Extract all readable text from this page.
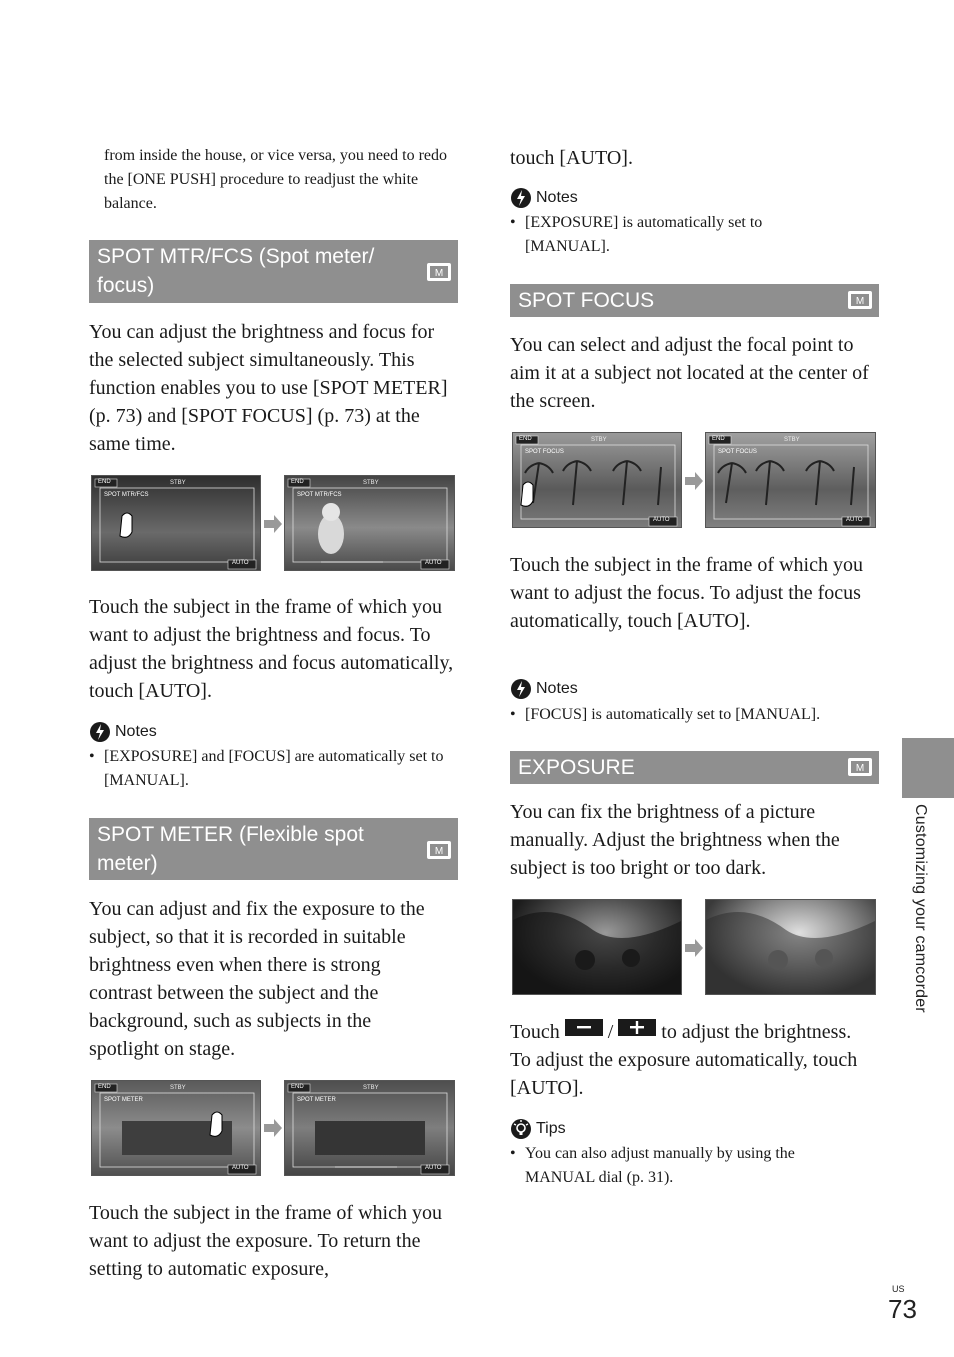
from inside the house, or vice versa, you need to redo the [ONE PUSH] procedure to readjust the white balance.

SPOT MTR/FCS (Spot meter/
focus)
M

You can adjust the brightness and focus for the selected subject simultaneously. This function enables you to use [SPOT METER] (p. 73) and [SPOT FOCUS] (p. 73) at the same time.

END	STBY
SPOT MTR/FCS
AUTO
END	STBY
SPOT MTR/FCS
AUTO

Touch the subject in the frame of which you want to adjust the brightness and focus. To adjust the brightness and focus automatically, touch [AUTO].

Notes
• [EXPOSURE] and [FOCUS] are automatically set to [MANUAL].
SPOT METER (Flexible spot
meter)
M

You can adjust and fix the exposure to the subject, so that it is recorded in suitable brightness even when there is strong contrast between the subject and the background, such as subjects in the spotlight on stage.

END	STBY
SPOT METER
AUTO
END	STBY
SPOT METER
AUTO

Touch the subject in the frame of which you want to adjust the exposure. To return the setting to automatic exposure,

touch [AUTO].

Notes
• [EXPOSURE] is automatically set to [MANUAL].
SPOT FOCUS	M

You can select and adjust the focal point to aim it at a subject not located at the center of the screen.

END	STBY
SPOT FOCUS
AUTO
END	STBY
SPOT FOCUS
AUTO

Touch the subject in the frame of which you want to adjust the focus. To adjust the focus automatically, touch [AUTO].

Notes
• [FOCUS] is automatically set to [MANUAL].
EXPOSURE	M

You can fix the brightness of a picture manually. Adjust the brightness when the subject is too bright or too dark.

Touch / to adjust the brightness.
To adjust the exposure automatically, touch [AUTO].
Tips
• You can also adjust manually by using the MANUAL dial (p. 31).
Customizing your camcorder
US
73
